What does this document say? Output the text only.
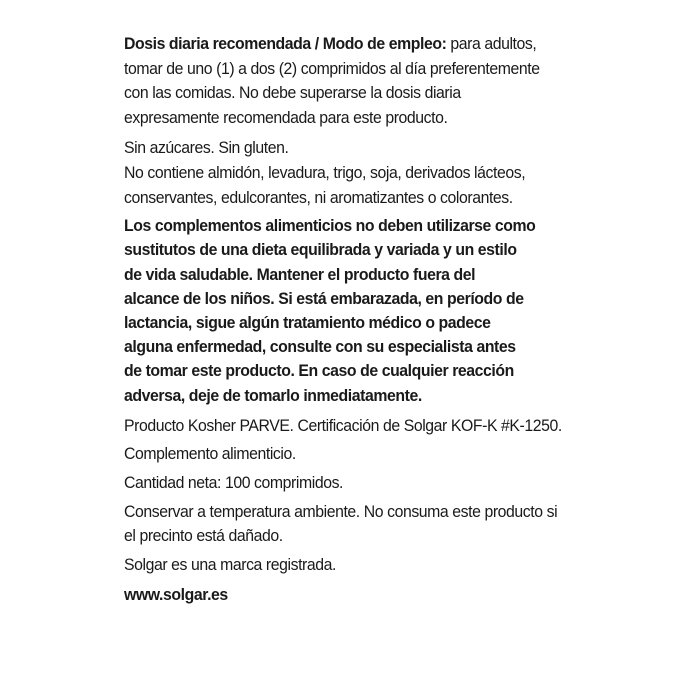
Dosis diaria recomendada / Modo de empleo: para adultos,
tomar de uno (1) a dos (2) comprimidos al día preferentemente
con las comidas. No debe superarse la dosis diaria
expresamente recomendada para este producto.
Sin azúcares. Sin gluten.
No contiene almidón, levadura, trigo, soja, derivados lácteos,
conservantes, edulcorantes, ni aromatizantes o colorantes.
Los complementos alimenticios no deben utilizarse como
sustitutos de una dieta equilibrada y variada y un estilo
de vida saludable. Mantener el producto fuera del
alcance de los niños. Si está embarazada, en período de
lactancia, sigue algún tratamiento médico o padece
alguna enfermedad, consulte con su especialista antes
de tomar este producto. En caso de cualquier reacción
adversa, deje de tomarlo inmediatamente.
Producto Kosher PARVE. Certificación de Solgar KOF-K #K-1250.
Complemento alimenticio.
Cantidad neta: 100 comprimidos.
Conservar a temperatura ambiente. No consuma este producto si
el precinto está dañado.
Solgar es una marca registrada.
www.solgar.es
